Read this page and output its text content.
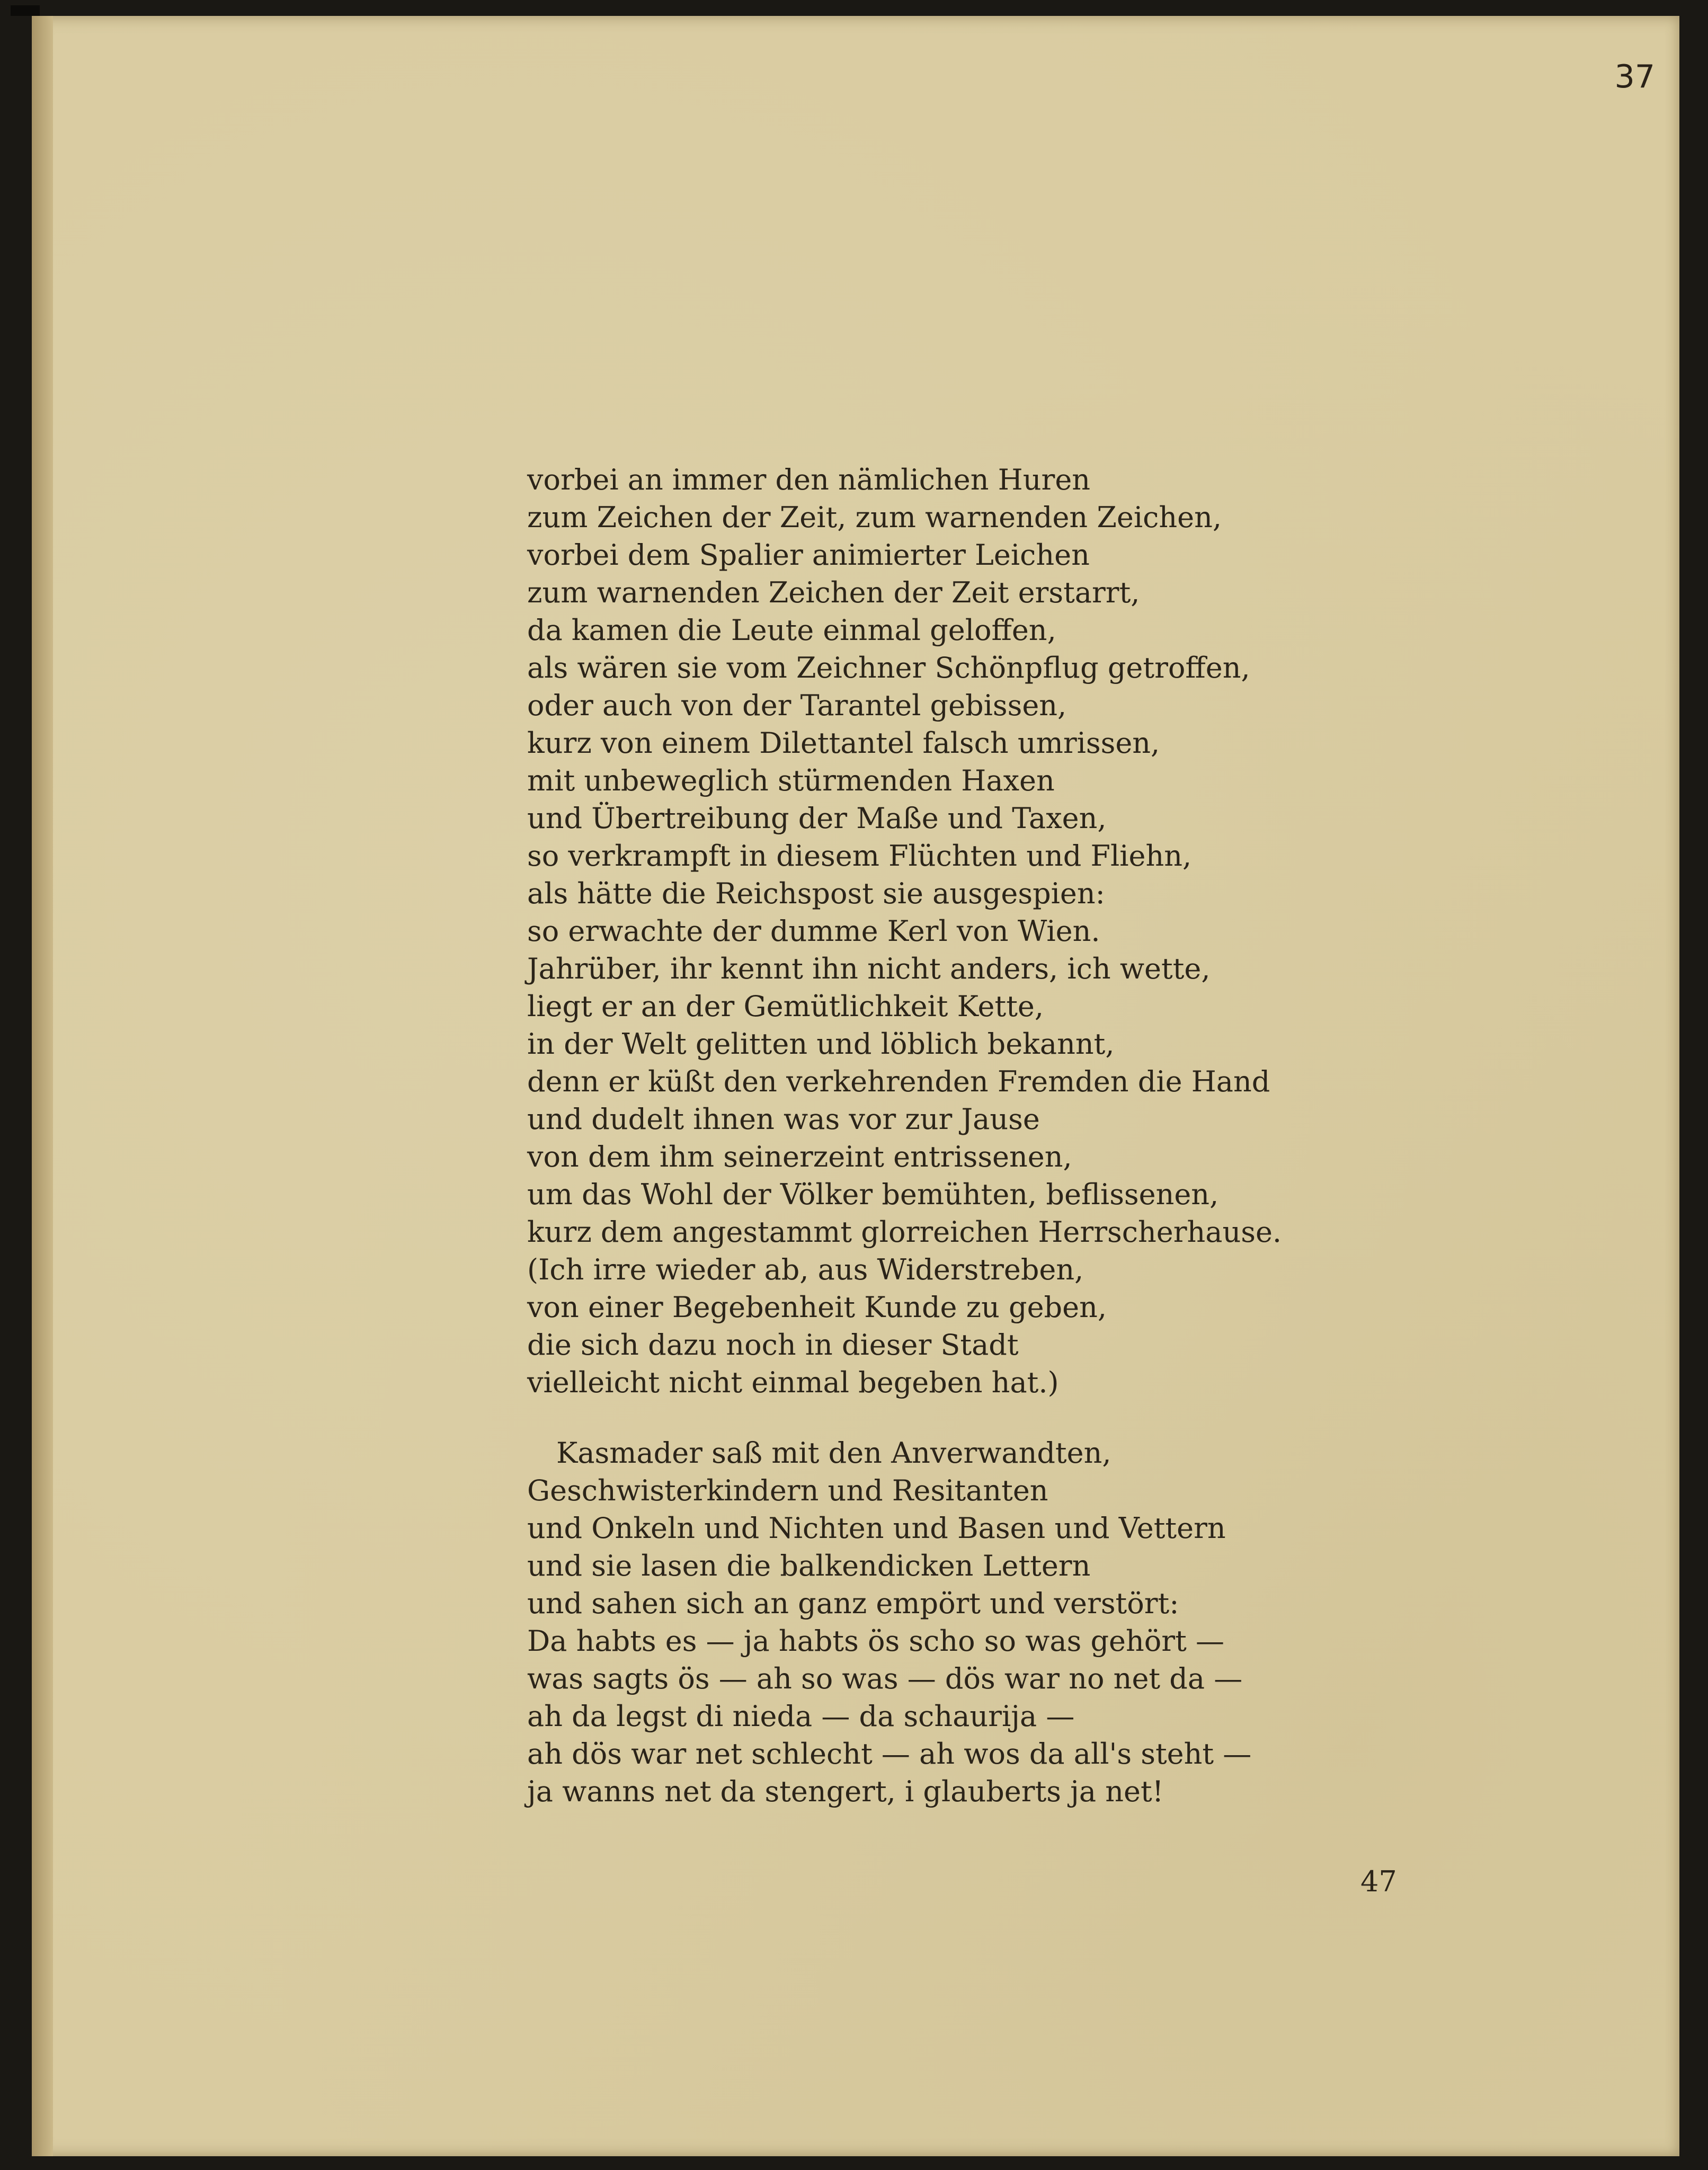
37
vorbei an immer den nämlichen Huren
zum Zeichen der Zeit, zum warnenden Zeichen,
vorbei dem Spalier animierter Leichen
zum warnenden Zeichen der Zeit erstarrt,
da kamen die Leute einmal geloffen,
als wären sie vom Zeichner Schönpflug getroffen,
oder auch von der Tarantel gebissen,
kurz von einem Dilettantel falsch umrissen,
mit unbeweglich stürmenden Haxen
und Übertreibung der Maße und Taxen,
so verkrampft in diesem Flüchten und Fliehn,
als hätte die Reichspost sie ausgespien:
so erwachte der dumme Kerl von Wien.
Jahrüber, ihr kennt ihn nicht anders, ich wette,
liegt er an der Gemütlichkeit Kette,
in der Welt gelitten und löblich bekannt,
denn er küßt den verkehrenden Fremden die Hand
und dudelt ihnen was vor zur Jause
von dem ihm seinerzeint entrissenen,
um das Wohl der Völker bemühten, beflissenen,
kurz dem angestammt glorreichen Herrscherhause.
(Ich irre wieder ab, aus Widerstreben,
von einer Begebenheit Kunde zu geben,
die sich dazu noch in dieser Stadt
vielleicht nicht einmal begeben hat.)
Kasmader saß mit den Anverwandten,
Geschwisterkindern und Resitanten
und Onkeln und Nichten und Basen und Vettern
und sie lasen die balkendicken Lettern
und sahen sich an ganz empört und verstört:
Da habts es — ja habts ös scho so was gehört —
was sagts ös — ah so was — dös war no net da —
ah da legst di nieda — da schaurija —
ah dös war net schlecht — ah wos da all's steht —
ja wanns net da stengert, i glauberts ja net!
47
